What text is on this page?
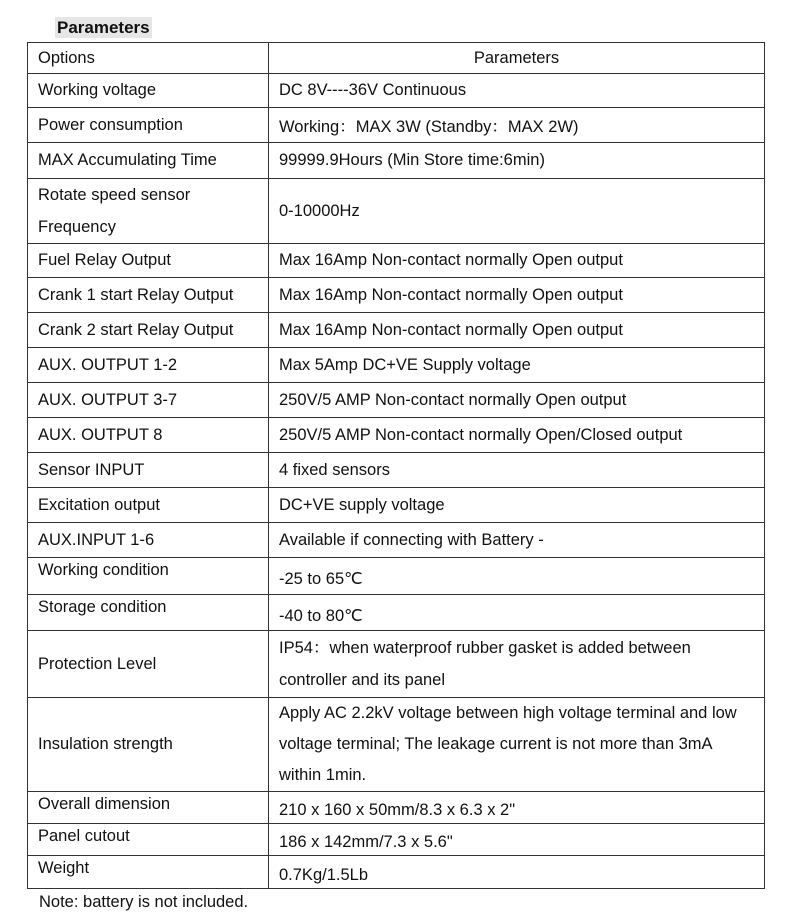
Parameters
Options	Parameters
Working voltage	DC 8V----36V Continuous
Power consumption	Working：MAX 3W (Standby：MAX 2W)
MAX Accumulating Time	99999.9Hours (Min Store time:6min)
Rotate speed sensor Frequency	0-10000Hz
Fuel Relay Output	Max 16Amp Non-contact normally Open output
Crank 1 start Relay Output	Max 16Amp Non-contact normally Open output
Crank 2 start Relay Output	Max 16Amp Non-contact normally Open output
AUX. OUTPUT 1-2	Max 5Amp DC+VE Supply voltage
AUX. OUTPUT 3-7	250V/5 AMP Non-contact normally Open output
AUX. OUTPUT 8	250V/5 AMP Non-contact normally Open/Closed output
Sensor INPUT	4 fixed sensors
Excitation output	DC+VE supply voltage
AUX.INPUT 1-6	Available if connecting with Battery -
Working condition	-25 to 65℃
Storage condition	-40 to 80℃
Protection Level	IP54：when waterproof rubber gasket is added between controller and its panel
Insulation strength	Apply AC 2.2kV voltage between high voltage terminal and low voltage terminal; The leakage current is not more than 3mA within 1min.
Overall dimension	210 x 160 x 50mm/8.3 x 6.3 x 2"
Panel cutout	186 x 142mm/7.3 x 5.6"
Weight	0.7Kg/1.5Lb
Note: battery is not included.
